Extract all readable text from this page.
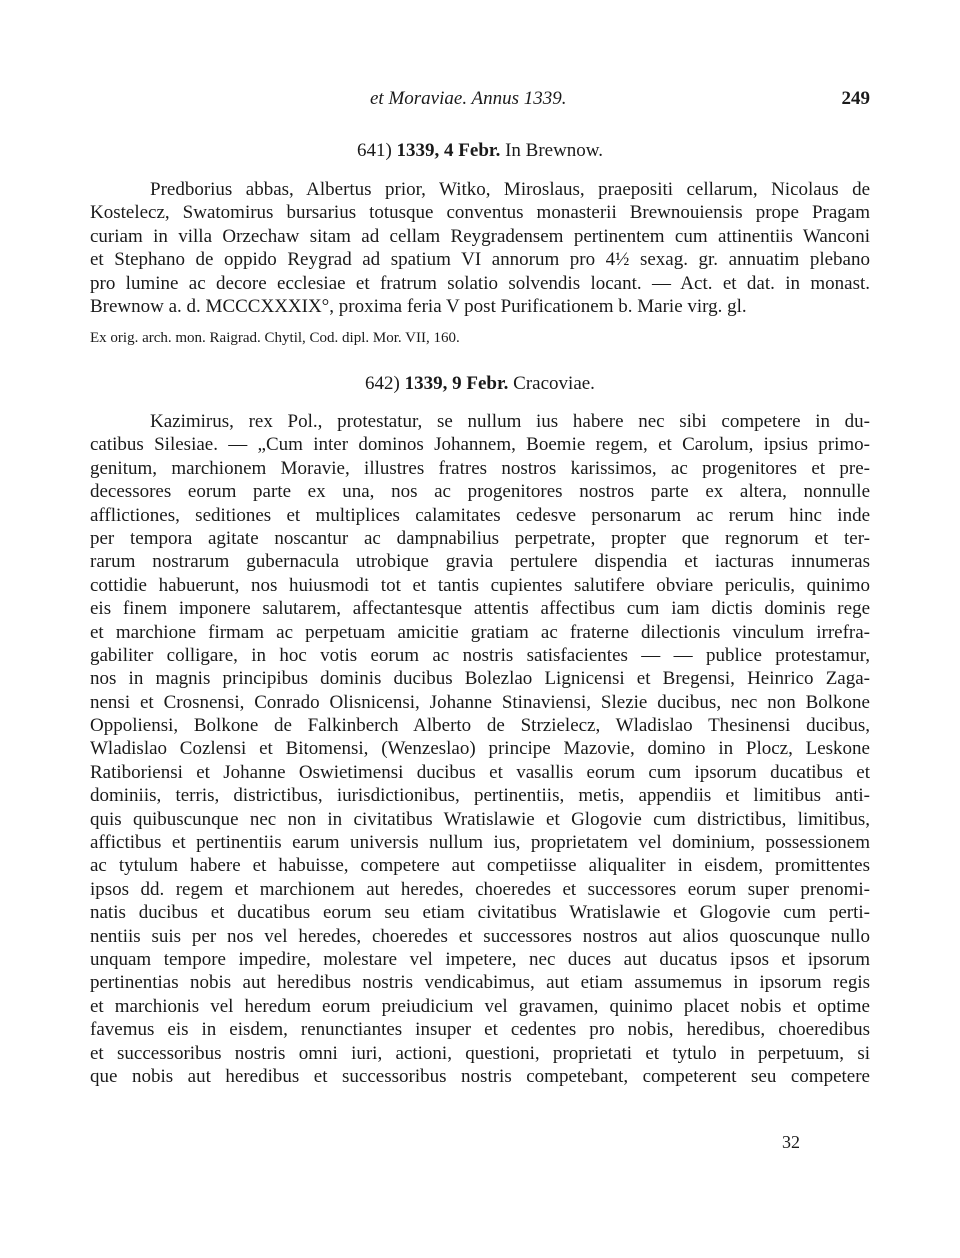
et Moraviae. Annus 1339.	249
641) 1339, 4 Febr. In Brewnow.
Predborius abbas, Albertus prior, Witko, Miroslaus, praepositi cellarum, Nicolaus de
Kostelecz, Swatomirus bursarius totusque conventus monasterii Brewnouiensis prope Pragam
curiam in villa Orzechaw sitam ad cellam Reygradensem pertinentem cum attinentiis Wanconi
et Stephano de oppido Reygrad ad spatium VI annorum pro 4½ sexag. gr. annuatim plebano
pro lumine ac decore ecclesiae et fratrum solatio solvendis locant. — Act. et dat. in monast.
Brewnow a. d. MCCCXXXIX°, proxima feria V post Purificationem b. Marie virg. gl.
Ex orig. arch. mon. Raigrad. Chytil, Cod. dipl. Mor. VII, 160.
642) 1339, 9 Febr. Cracoviae.
Kazimirus, rex Pol., protestatur, se nullum ius habere nec sibi competere in du-
catibus Silesiae. — „Cum inter dominos Johannem, Boemie regem, et Carolum, ipsius primo-
genitum, marchionem Moravie, illustres fratres nostros karissimos, ac progenitores et pre-
decessores eorum parte ex una, nos ac progenitores nostros parte ex altera, nonnulle
afflictiones, seditiones et multiplices calamitates cedesve personarum ac rerum hinc inde
per tempora agitate noscantur ac dampnabilius perpetrate, propter que regnorum et ter-
rarum nostrarum gubernacula utrobique gravia pertulere dispendia et iacturas innumeras
cottidie habuerunt, nos huiusmodi tot et tantis cupientes salutifere obviare periculis, quinimo
eis finem imponere salutarem, affectantesque attentis affectibus cum iam dictis dominis rege
et marchione firmam ac perpetuam amicitie gratiam ac fraterne dilectionis vinculum irrefra-
gabiliter colligare, in hoc votis eorum ac nostris satisfacientes — — publice protestamur,
nos in magnis principibus dominis ducibus Bolezlao Lignicensi et Bregensi, Heinrico Zaga-
nensi et Crosnensi, Conrado Olisnicensi, Johanne Stinaviensi, Slezie ducibus, nec non Bolkone
Oppoliensi, Bolkone de Falkinberch Alberto de Strzielecz, Wladislao Thesinensi ducibus,
Wladislao Cozlensi et Bitomensi, (Wenzeslao) principe Mazovie, domino in Plocz, Leskone
Ratiboriensi et Johanne Oswietimensi ducibus et vasallis eorum cum ipsorum ducatibus et
dominiis, terris, districtibus, iurisdictionibus, pertinentiis, metis, appendiis et limitibus anti-
quis quibuscunque nec non in civitatibus Wratislawie et Glogovie cum districtibus, limitibus,
affictibus et pertinentiis earum universis nullum ius, proprietatem vel dominium, possessionem
ac tytulum habere et habuisse, competere aut competiisse aliqualiter in eisdem, promittentes
ipsos dd. regem et marchionem aut heredes, choeredes et successores eorum super prenomi-
natis ducibus et ducatibus eorum seu etiam civitatibus Wratislawie et Glogovie cum perti-
nentiis suis per nos vel heredes, choeredes et successores nostros aut alios quoscunque nullo
unquam tempore impedire, molestare vel impetere, nec duces aut ducatus ipsos et ipsorum
pertinentias nobis aut heredibus nostris vendicabimus, aut etiam assumemus in ipsorum regis
et marchionis vel heredum eorum preiudicium vel gravamen, quinimo placet nobis et optime
favemus eis in eisdem, renunctiantes insuper et cedentes pro nobis, heredibus, choeredibus
et successoribus nostris omni iuri, actioni, questioni, proprietati et tytulo in perpetuum, si
que nobis aut heredibus et successoribus nostris competebant, competerent seu competere
32
